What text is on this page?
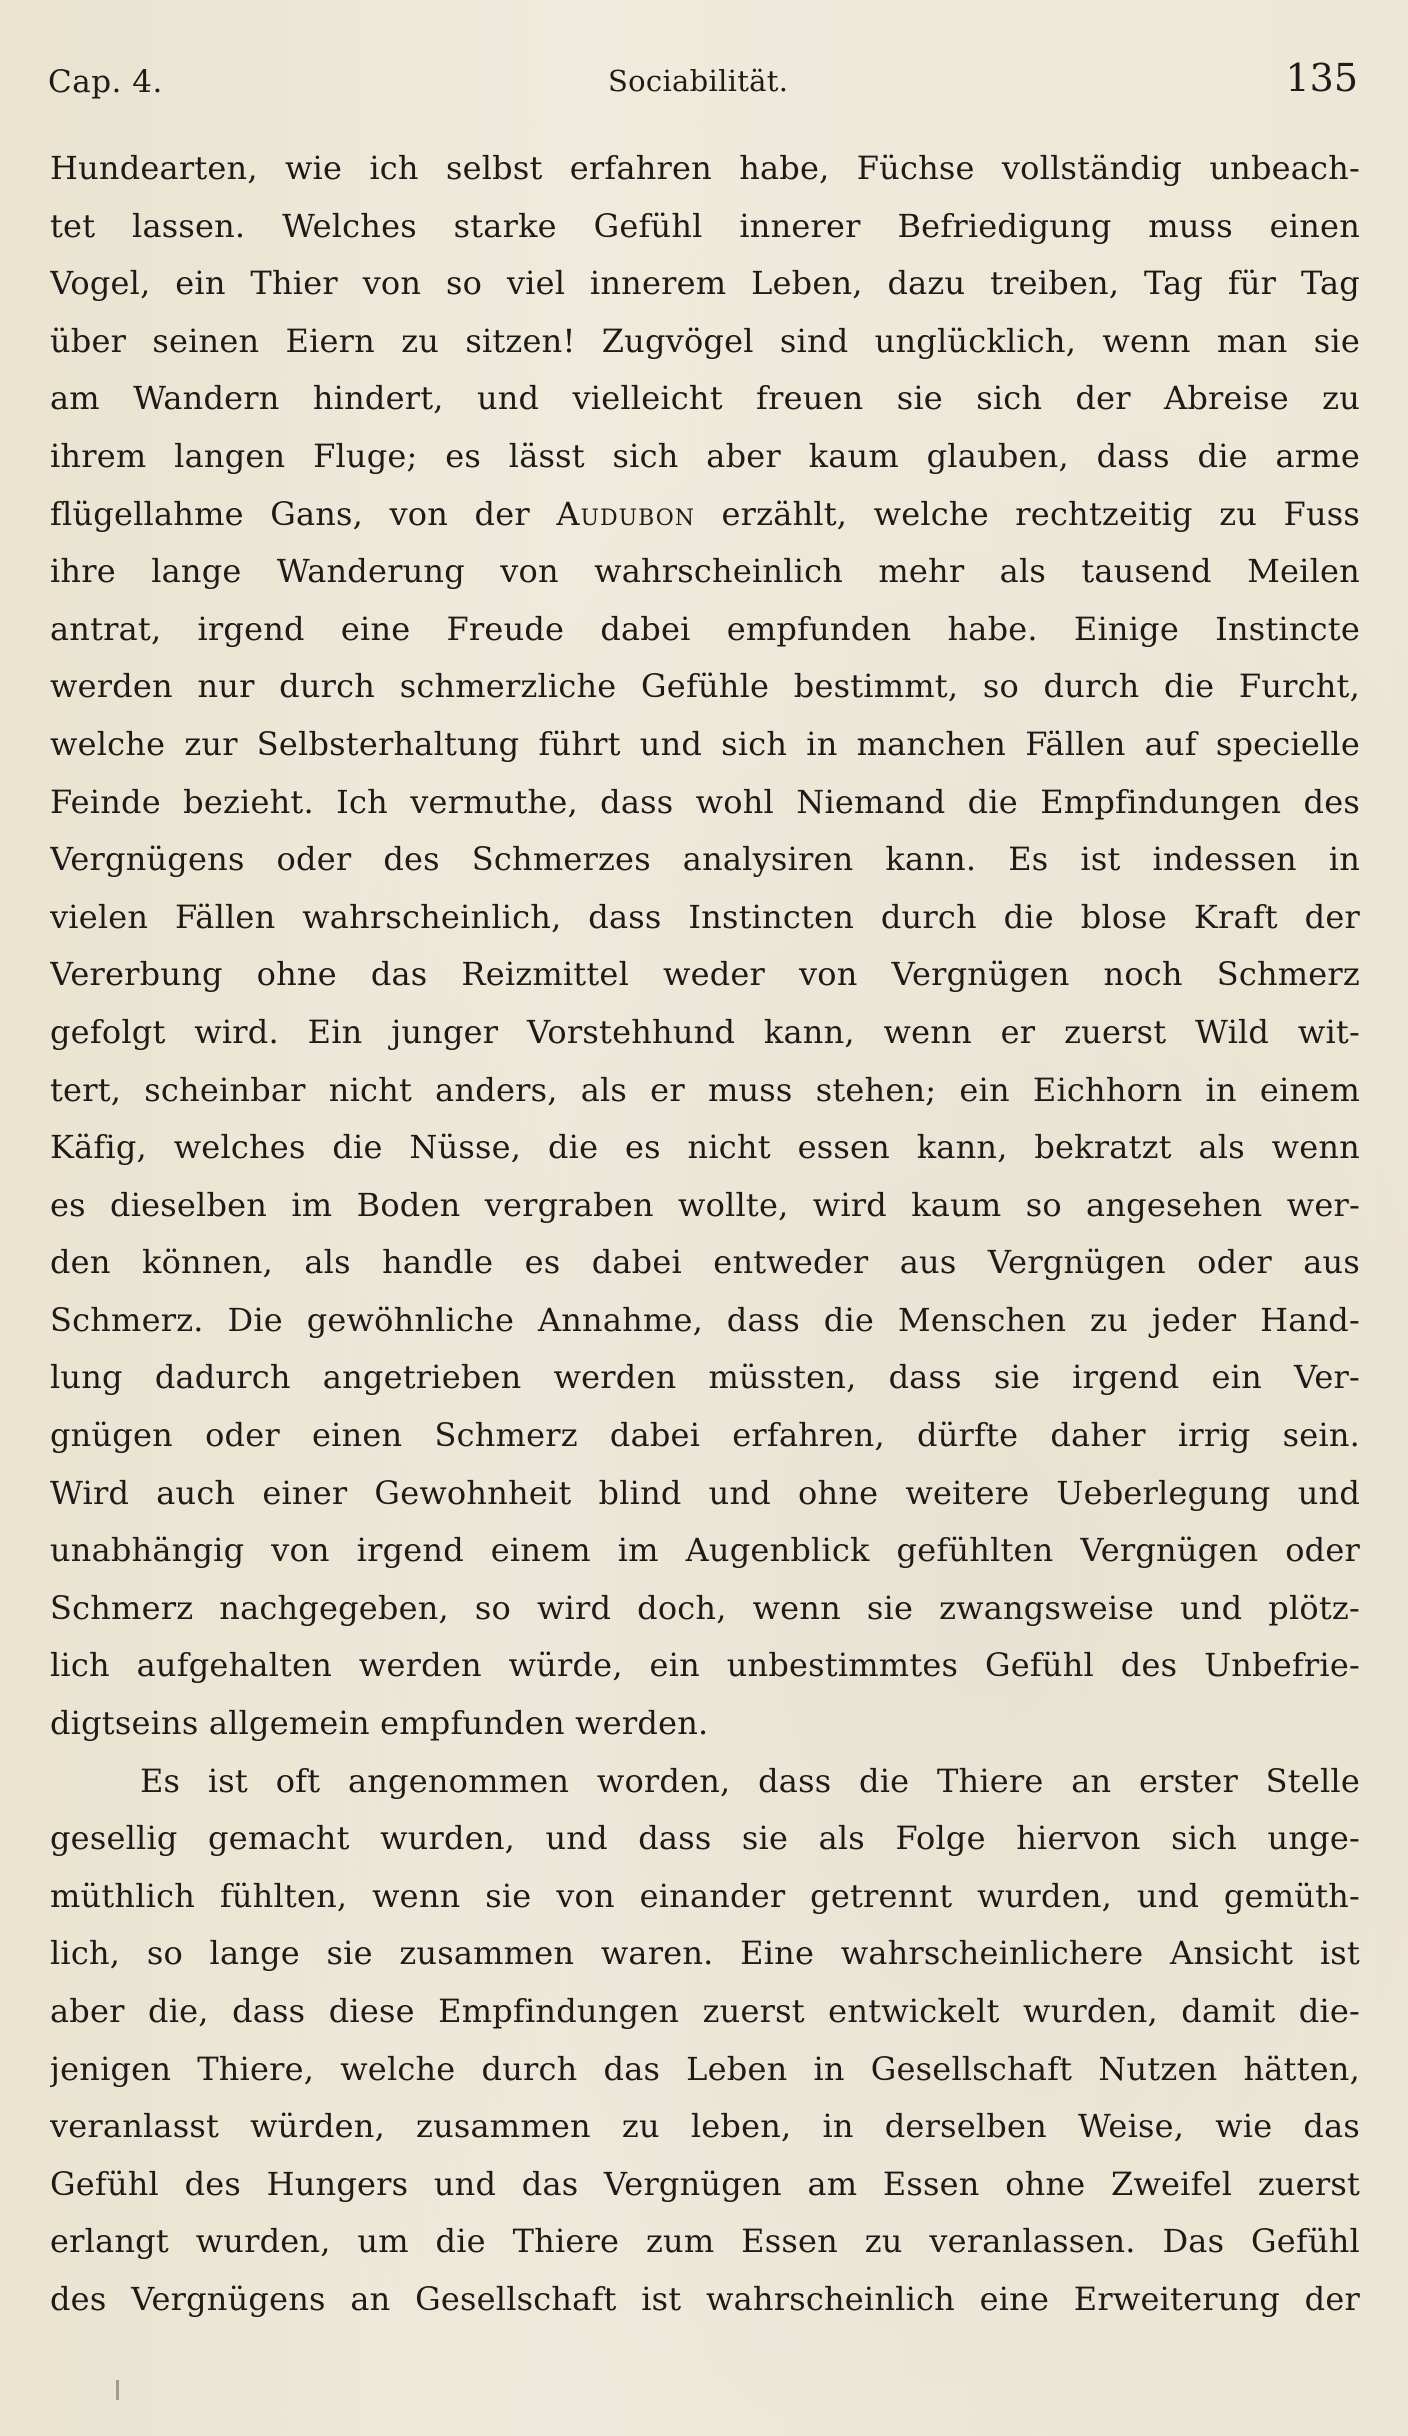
Cap. 4.	Sociabilität.	135
Hundearten, wie ich selbst erfahren habe, Füchse vollständig unbeach-
tet lassen. Welches starke Gefühl innerer Befriedigung muss einen
Vogel, ein Thier von so viel innerem Leben, dazu treiben, Tag für Tag
über seinen Eiern zu sitzen! Zugvögel sind unglücklich, wenn man sie
am Wandern hindert, und vielleicht freuen sie sich der Abreise zu
ihrem langen Fluge; es lässt sich aber kaum glauben, dass die arme
flügellahme Gans, von der Audubon erzählt, welche rechtzeitig zu Fuss
ihre lange Wanderung von wahrscheinlich mehr als tausend Meilen
antrat, irgend eine Freude dabei empfunden habe. Einige Instincte
werden nur durch schmerzliche Gefühle bestimmt, so durch die Furcht,
welche zur Selbsterhaltung führt und sich in manchen Fällen auf specielle
Feinde bezieht. Ich vermuthe, dass wohl Niemand die Empfindungen des
Vergnügens oder des Schmerzes analysiren kann. Es ist indessen in
vielen Fällen wahrscheinlich, dass Instincten durch die blose Kraft der
Vererbung ohne das Reizmittel weder von Vergnügen noch Schmerz
gefolgt wird. Ein junger Vorstehhund kann, wenn er zuerst Wild wit-
tert, scheinbar nicht anders, als er muss stehen; ein Eichhorn in einem
Käfig, welches die Nüsse, die es nicht essen kann, bekratzt als wenn
es dieselben im Boden vergraben wollte, wird kaum so angesehen wer-
den können, als handle es dabei entweder aus Vergnügen oder aus
Schmerz. Die gewöhnliche Annahme, dass die Menschen zu jeder Hand-
lung dadurch angetrieben werden müssten, dass sie irgend ein Ver-
gnügen oder einen Schmerz dabei erfahren, dürfte daher irrig sein.
Wird auch einer Gewohnheit blind und ohne weitere Ueberlegung und
unabhängig von irgend einem im Augenblick gefühlten Vergnügen oder
Schmerz nachgegeben, so wird doch, wenn sie zwangsweise und plötz-
lich aufgehalten werden würde, ein unbestimmtes Gefühl des Unbefrie-
digtseins allgemein empfunden werden.
Es ist oft angenommen worden, dass die Thiere an erster Stelle
gesellig gemacht wurden, und dass sie als Folge hiervon sich unge-
müthlich fühlten, wenn sie von einander getrennt wurden, und gemüth-
lich, so lange sie zusammen waren. Eine wahrscheinlichere Ansicht ist
aber die, dass diese Empfindungen zuerst entwickelt wurden, damit die-
jenigen Thiere, welche durch das Leben in Gesellschaft Nutzen hätten,
veranlasst würden, zusammen zu leben, in derselben Weise, wie das
Gefühl des Hungers und das Vergnügen am Essen ohne Zweifel zuerst
erlangt wurden, um die Thiere zum Essen zu veranlassen. Das Gefühl
des Vergnügens an Gesellschaft ist wahrscheinlich eine Erweiterung der
